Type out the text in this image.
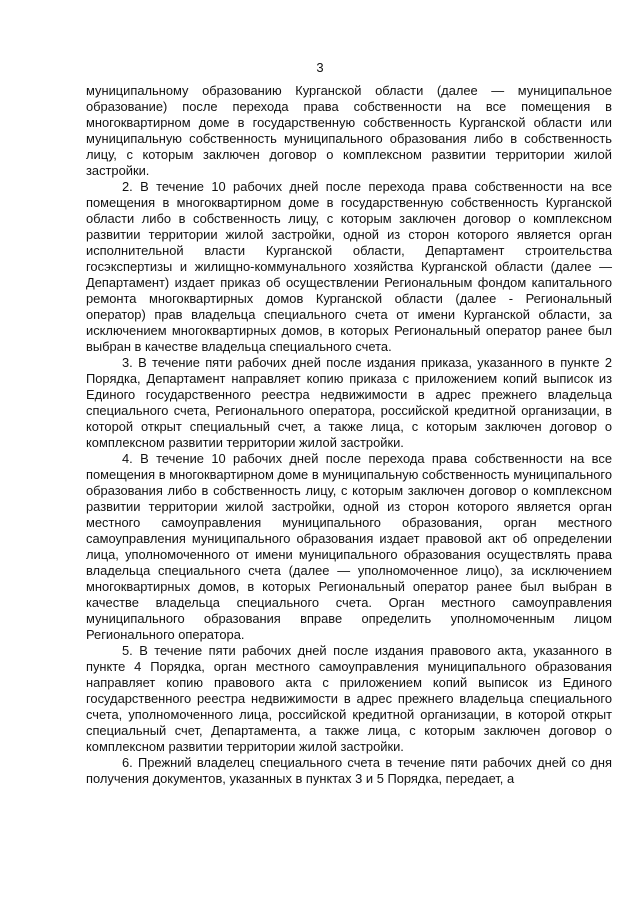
3

муниципальному образованию Курганской области (далее — муниципальное образование) после перехода права собственности на все помещения в многоквартирном доме в государственную собственность Курганской области или муниципальную собственность муниципального образования либо в собственность лицу, с которым заключен договор о комплексном развитии территории жилой застройки.

2. В течение 10 рабочих дней после перехода права собственности на все помещения в многоквартирном доме в государственную собственность Курганской области либо в собственность лицу, с которым заключен договор о комплексном развитии территории жилой застройки, одной из сторон которого является орган исполнительной власти Курганской области, Департамент строительства госэкспертизы и жилищно-коммунального хозяйства Курганской области (далее — Департамент) издает приказ об осуществлении Региональным фондом капитального ремонта многоквартирных домов Курганской области (далее - Региональный оператор) прав владельца специального счета от имени Курганской области, за исключением многоквартирных домов, в которых Региональный оператор ранее был выбран в качестве владельца специального счета.

3. В течение пяти рабочих дней после издания приказа, указанного в пункте 2 Порядка, Департамент направляет копию приказа с приложением копий выписок из Единого государственного реестра недвижимости в адрес прежнего владельца специального счета, Регионального оператора, российской кредитной организации, в которой открыт специальный счет, а также лица, с которым заключен договор о комплексном развитии территории жилой застройки.

4. В течение 10 рабочих дней после перехода права собственности на все помещения в многоквартирном доме в муниципальную собственность муниципального образования либо в собственность лицу, с которым заключен договор о комплексном развитии территории жилой застройки, одной из сторон которого является орган местного самоуправления муниципального образования, орган местного самоуправления муниципального образования издает правовой акт об определении лица, уполномоченного от имени муниципального образования осуществлять права владельца специального счета (далее — уполномоченное лицо), за исключением многоквартирных домов, в которых Региональный оператор ранее был выбран в качестве владельца специального счета. Орган местного самоуправления муниципального образования вправе определить уполномоченным лицом Регионального оператора.

5. В течение пяти рабочих дней после издания правового акта, указанного в пункте 4 Порядка, орган местного самоуправления муниципального образования направляет копию правового акта с приложением копий выписок из Единого государственного реестра недвижимости в адрес прежнего владельца специального счета, уполномоченного лица, российской кредитной организации, в которой открыт специальный счет, Департамента, а также лица, с которым заключен договор о комплексном развитии территории жилой застройки.

6. Прежний владелец специального счета в течение пяти рабочих дней со дня получения документов, указанных в пунктах 3 и 5 Порядка, передает, а
